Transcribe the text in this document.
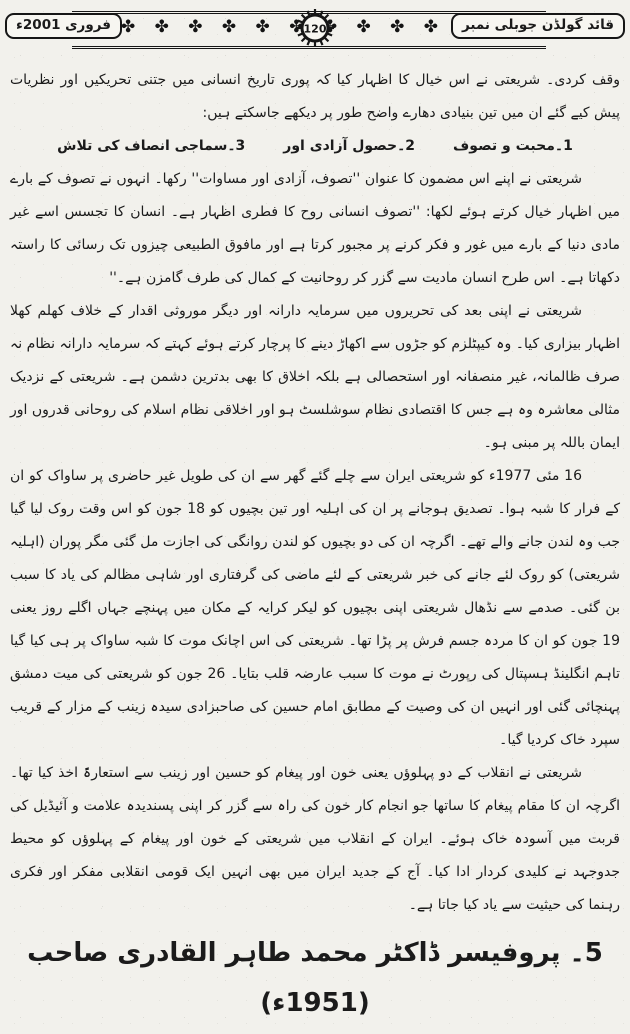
✤ ✤ ✤ ✤ ✤ ✤ ✤ ✤ ✤ ✤	120
فروری 2001ء	قائد گولڈن جوبلی نمبر

وقف کردی۔ شریعتی نے اس خیال کا اظہار کیا کہ پوری تاریخ انسانی میں جتنی تحریکیں اور نظریات پیش کیے گئے ان میں تین بنیادی دھارے واضح طور پر دیکھے جاسکتے ہیں:

1۔محبت و تصوف
2۔حصول آزادی اور
3۔سماجی انصاف کی تلاش

شریعتی نے اپنے اس مضمون کا عنوان ''تصوف، آزادی اور مساوات'' رکھا۔ انہوں نے تصوف کے بارے میں اظہار خیال کرتے ہوئے لکھا: ''تصوف انسانی روح کا فطری اظہار ہے۔ انسان کا تجسس اسے غیر مادی دنیا کے بارے میں غور و فکر کرنے پر مجبور کرتا ہے اور مافوق الطبیعی چیزوں تک رسائی کا راستہ دکھاتا ہے۔ اس طرح انسان مادیت سے گزر کر روحانیت کے کمال کی طرف گامزن ہے۔''

شریعتی نے اپنی بعد کی تحریروں میں سرمایہ دارانہ اور دیگر موروثی اقدار کے خلاف کھلم کھلا اظہار بیزاری کیا۔ وہ کیپٹلزم کو جڑوں سے اکھاڑ دینے کا پرچار کرتے ہوئے کہتے کہ سرمایہ دارانہ نظام نہ صرف ظالمانہ، غیر منصفانہ اور استحصالی ہے بلکہ اخلاق کا بھی بدترین دشمن ہے۔ شریعتی کے نزدیک مثالی معاشرہ وہ ہے جس کا اقتصادی نظام سوشلسٹ ہو اور اخلاقی نظام اسلام کی روحانی قدروں اور ایمان باللہ پر مبنی ہو۔

16 مئی 1977ء کو شریعتی ایران سے چلے گئے گھر سے ان کی طویل غیر حاضری پر ساواک کو ان کے فرار کا شبہ ہوا۔ تصدیق ہوجانے پر ان کی اہلیہ اور تین بچیوں کو 18 جون کو اس وقت روک لیا گیا جب وہ لندن جانے والے تھے۔ اگرچہ ان کی دو بچیوں کو لندن روانگی کی اجازت مل گئی مگر پوران (اہلیہ شریعتی) کو روک لئے جانے کی خبر شریعتی کے لئے ماضی کی گرفتاری اور شاہی مظالم کی یاد کا سبب بن گئی۔ صدمے سے نڈھال شریعتی اپنی بچیوں کو لیکر کرایہ کے مکان میں پہنچے جہاں اگلے روز یعنی 19 جون کو ان کا مردہ جسم فرش پر پڑا تھا۔ شریعتی کی اس اچانک موت کا شبہ ساواک پر ہی کیا گیا تاہم انگلینڈ ہسپتال کی رپورٹ نے موت کا سبب عارضہ قلب بتایا۔ 26 جون کو شریعتی کی میت دمشق پہنچائی گئی اور انہیں ان کی وصیت کے مطابق امام حسین کی صاحبزادی سیدہ زینب کے مزار کے قریب سپرد خاک کردیا گیا۔

شریعتی نے انقلاب کے دو پہلوؤں یعنی خون اور پیغام کو حسین اور زینب سے استعارۃً اخذ کیا تھا۔ اگرچہ ان کا مقام پیغام کا ساتھا جو انجام کار خون کی راہ سے گزر کر اپنی پسندیدہ علامت و آئیڈیل کی قربت میں آسودہ خاک ہوئے۔ ایران کے انقلاب میں شریعتی کے خون اور پیغام کے پہلوؤں کو محیط جدوجہد نے کلیدی کردار ادا کیا۔ آج کے جدید ایران میں بھی انہیں ایک قومی انقلابی مفکر اور فکری رہنما کی حیثیت سے یاد کیا جاتا ہے۔

5۔ پروفیسر ڈاکٹر محمد طاہر القادری صاحب (1951ء)
